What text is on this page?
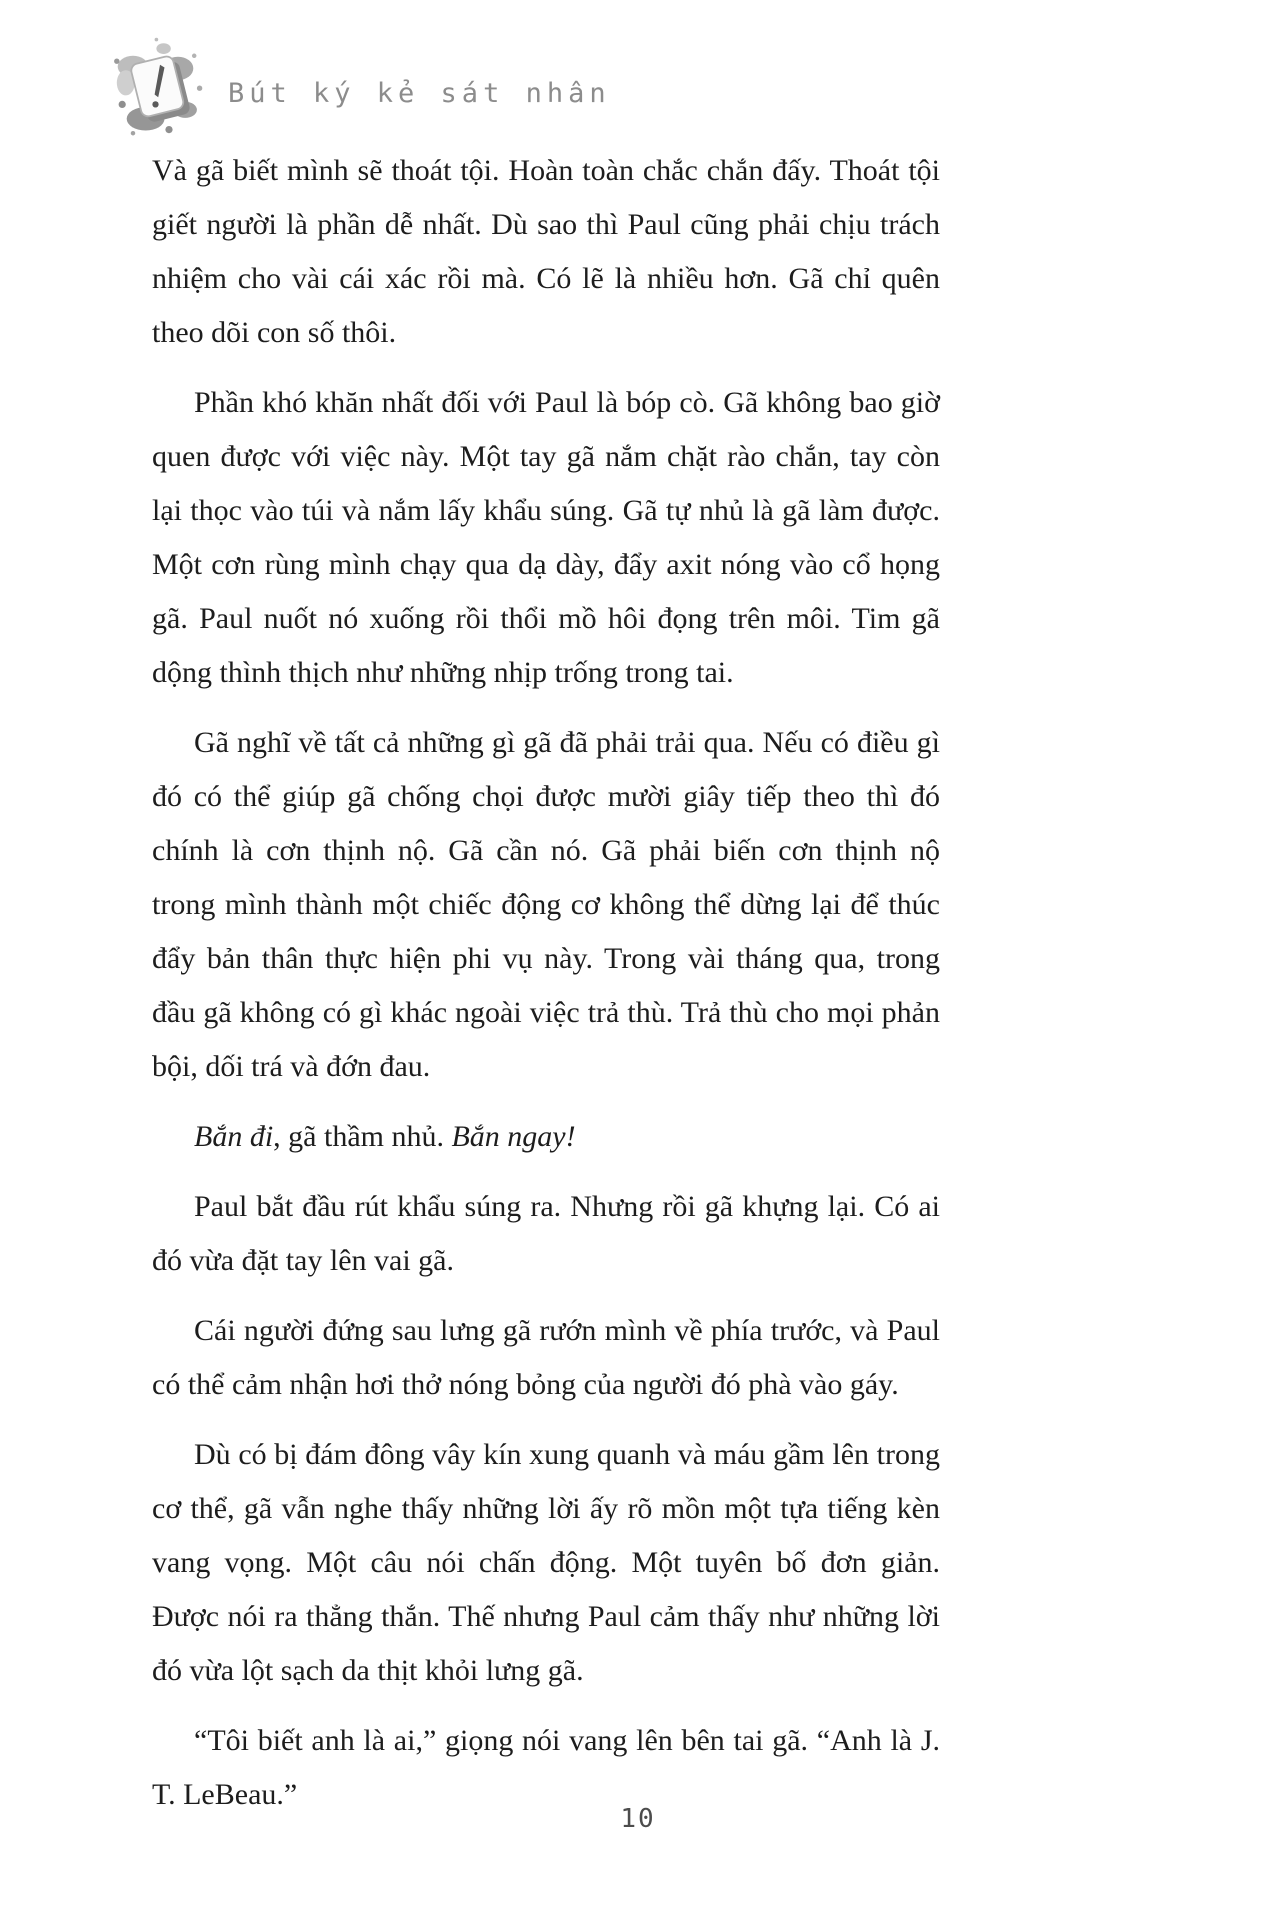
Bút ký kẻ sát nhân

Và gã biết mình sẽ thoát tội. Hoàn toàn chắc chắn đấy. Thoát tội giết người là phần dễ nhất. Dù sao thì Paul cũng phải chịu trách nhiệm cho vài cái xác rồi mà. Có lẽ là nhiều hơn. Gã chỉ quên theo dõi con số thôi.

Phần khó khăn nhất đối với Paul là bóp cò. Gã không bao giờ quen được với việc này. Một tay gã nắm chặt rào chắn, tay còn lại thọc vào túi và nắm lấy khẩu súng. Gã tự nhủ là gã làm được. Một cơn rùng mình chạy qua dạ dày, đẩy axit nóng vào cổ họng gã. Paul nuốt nó xuống rồi thổi mồ hôi đọng trên môi. Tim gã dộng thình thịch như những nhịp trống trong tai.

Gã nghĩ về tất cả những gì gã đã phải trải qua. Nếu có điều gì đó có thể giúp gã chống chọi được mười giây tiếp theo thì đó chính là cơn thịnh nộ. Gã cần nó. Gã phải biến cơn thịnh nộ trong mình thành một chiếc động cơ không thể dừng lại để thúc đẩy bản thân thực hiện phi vụ này. Trong vài tháng qua, trong đầu gã không có gì khác ngoài việc trả thù. Trả thù cho mọi phản bội, dối trá và đớn đau.

Bắn đi, gã thầm nhủ. Bắn ngay!

Paul bắt đầu rút khẩu súng ra. Nhưng rồi gã khựng lại. Có ai đó vừa đặt tay lên vai gã.

Cái người đứng sau lưng gã rướn mình về phía trước, và Paul có thể cảm nhận hơi thở nóng bỏng của người đó phà vào gáy.

Dù có bị đám đông vây kín xung quanh và máu gầm lên trong cơ thể, gã vẫn nghe thấy những lời ấy rõ mồn một tựa tiếng kèn vang vọng. Một câu nói chấn động. Một tuyên bố đơn giản. Được nói ra thẳng thắn. Thế nhưng Paul cảm thấy như những lời đó vừa lột sạch da thịt khỏi lưng gã.

“Tôi biết anh là ai,” giọng nói vang lên bên tai gã. “Anh là J. T. LeBeau.”

10
